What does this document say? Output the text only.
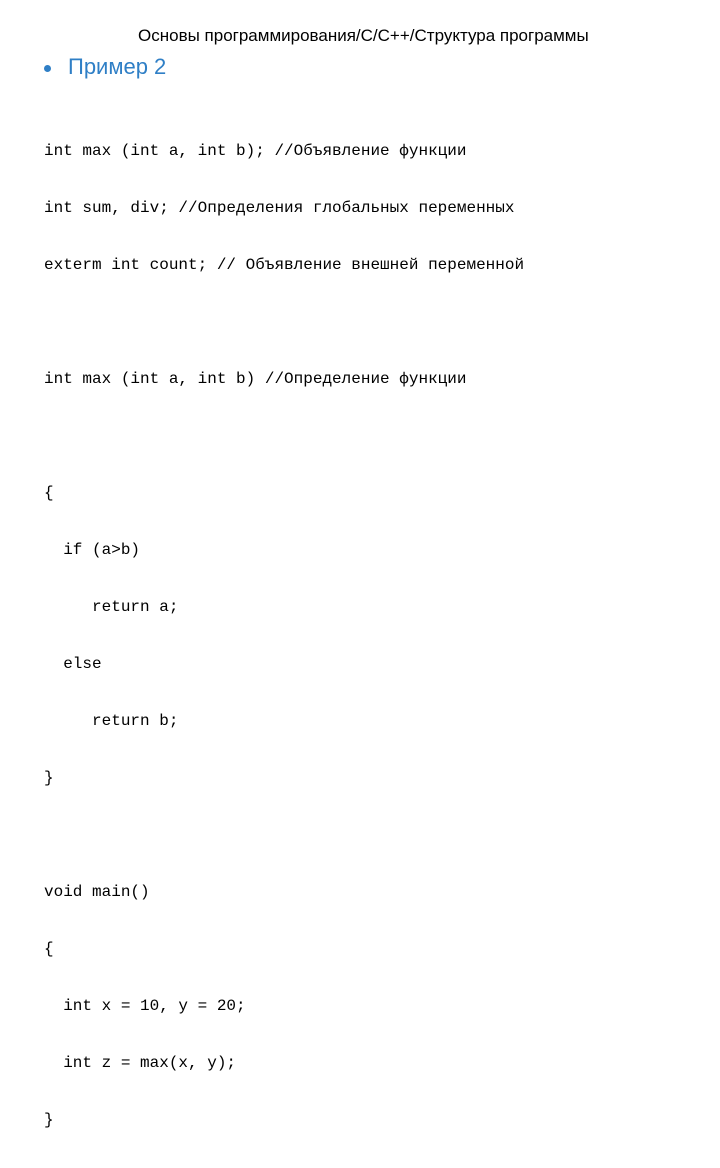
Основы программирования/C/C++/Структура программы
Пример 2

int max (int a, int b); //Объявление функции

int sum, div; //Определения глобальных переменных

exterm int count; // Объявление внешней переменной

int max (int a, int b) //Определение функции

{

if (a>b)

return a;

else

return b;

}

void main()

{

int x = 10, y = 20;

int z = max(x, y);

}
